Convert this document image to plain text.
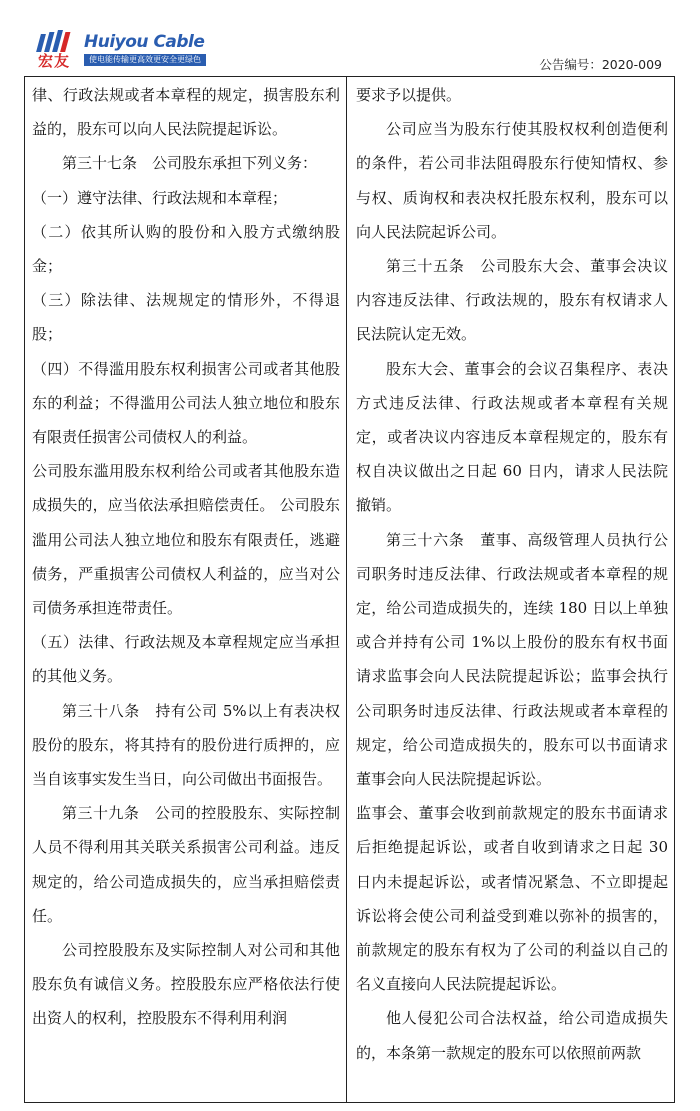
宏友
Huiyou Cable
使电能传输更高效更安全更绿色	公告编号：2020-009

律、行政法规或者本章程的规定，损害股东利益的，股东可以向人民法院提起诉讼。

第三十七条　公司股东承担下列义务：

（一）遵守法律、行政法规和本章程；

（二）依其所认购的股份和入股方式缴纳股金；

（三）除法律、法规规定的情形外，不得退股；

（四）不得滥用股东权利损害公司或者其他股东的利益；不得滥用公司法人独立地位和股东有限责任损害公司债权人的利益。

公司股东滥用股东权利给公司或者其他股东造成损失的，应当依法承担赔偿责任。 公司股东滥用公司法人独立地位和股东有限责任，逃避债务，严重损害公司债权人利益的，应当对公司债务承担连带责任。

（五）法律、行政法规及本章程规定应当承担的其他义务。

第三十八条　持有公司 5%以上有表决权股份的股东，将其持有的股份进行质押的，应当自该事实发生当日，向公司做出书面报告。

第三十九条　公司的控股股东、实际控制人员不得利用其关联关系损害公司利益。违反规定的，给公司造成损失的，应当承担赔偿责任。

公司控股股东及实际控制人对公司和其他股东负有诚信义务。控股股东应严格依法行使出资人的权利，控股股东不得利用利润

要求予以提供。

公司应当为股东行使其股权权利创造便利的条件，若公司非法阻碍股东行使知情权、参与权、质询权和表决权托股东权利，股东可以向人民法院起诉公司。

第三十五条　公司股东大会、董事会决议内容违反法律、行政法规的，股东有权请求人民法院认定无效。

股东大会、董事会的会议召集程序、表决方式违反法律、行政法规或者本章程有关规定，或者决议内容违反本章程规定的，股东有权自决议做出之日起 60 日内，请求人民法院撤销。

第三十六条　董事、高级管理人员执行公司职务时违反法律、行政法规或者本章程的规定，给公司造成损失的，连续 180 日以上单独或合并持有公司 1%以上股份的股东有权书面请求监事会向人民法院提起诉讼；监事会执行公司职务时违反法律、行政法规或者本章程的规定，给公司造成损失的，股东可以书面请求董事会向人民法院提起诉讼。

监事会、董事会收到前款规定的股东书面请求后拒绝提起诉讼，或者自收到请求之日起 30 日内未提起诉讼，或者情况紧急、不立即提起诉讼将会使公司利益受到难以弥补的损害的，前款规定的股东有权为了公司的利益以自己的名义直接向人民法院提起诉讼。

他人侵犯公司合法权益，给公司造成损失的，本条第一款规定的股东可以依照前两款
